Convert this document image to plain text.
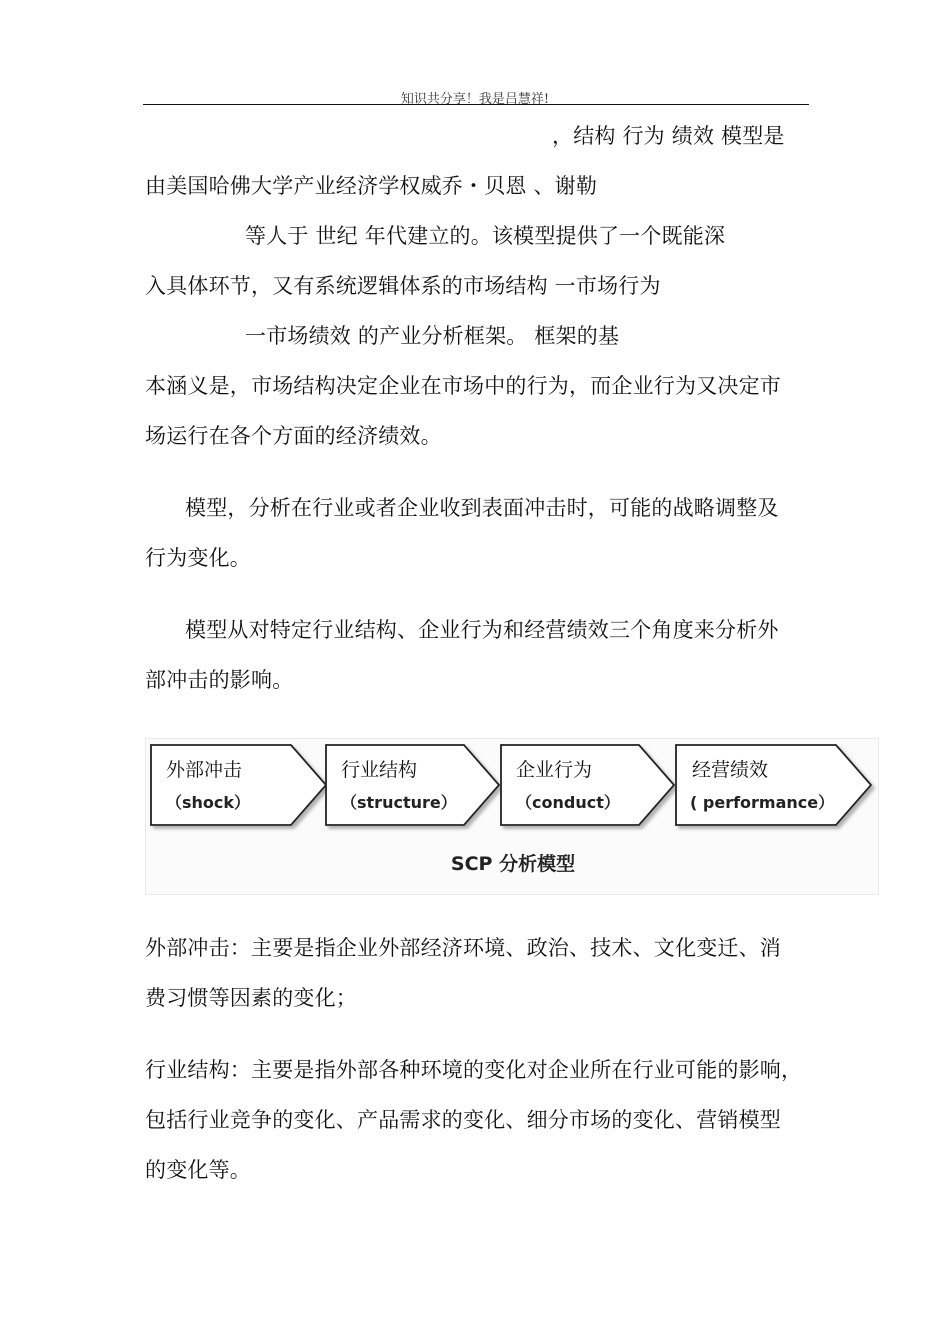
知识共分享！我是吕慧祥!

，结构 行为 绩效 模型是

由美国哈佛大学产业经济学权威乔・贝恩 、谢勒

等人于 世纪 年代建立的。该模型提供了一个既能深

入具体环节，又有系统逻辑体系的市场结构 一市场行为

一市场绩效 的产业分析框架。 框架的基

本涵义是，市场结构决定企业在市场中的行为，而企业行为又决定市

场运行在各个方面的经济绩效。

模型，分析在行业或者企业收到表面冲击时，可能的战略调整及

行为变化。

模型从对特定行业结构、企业行为和经营绩效三个角度来分析外

部冲击的影响。

外部冲击
（shock）
行业结构
（structure）
企业行为
（conduct）
经营绩效
( performance）
SCP 分析模型

外部冲击：主要是指企业外部经济环境、政治、技术、文化变迁、消

费习惯等因素的变化；

行业结构：主要是指外部各种环境的变化对企业所在行业可能的影响，

包括行业竞争的变化、产品需求的变化、细分市场的变化、营销模型

的变化等。
